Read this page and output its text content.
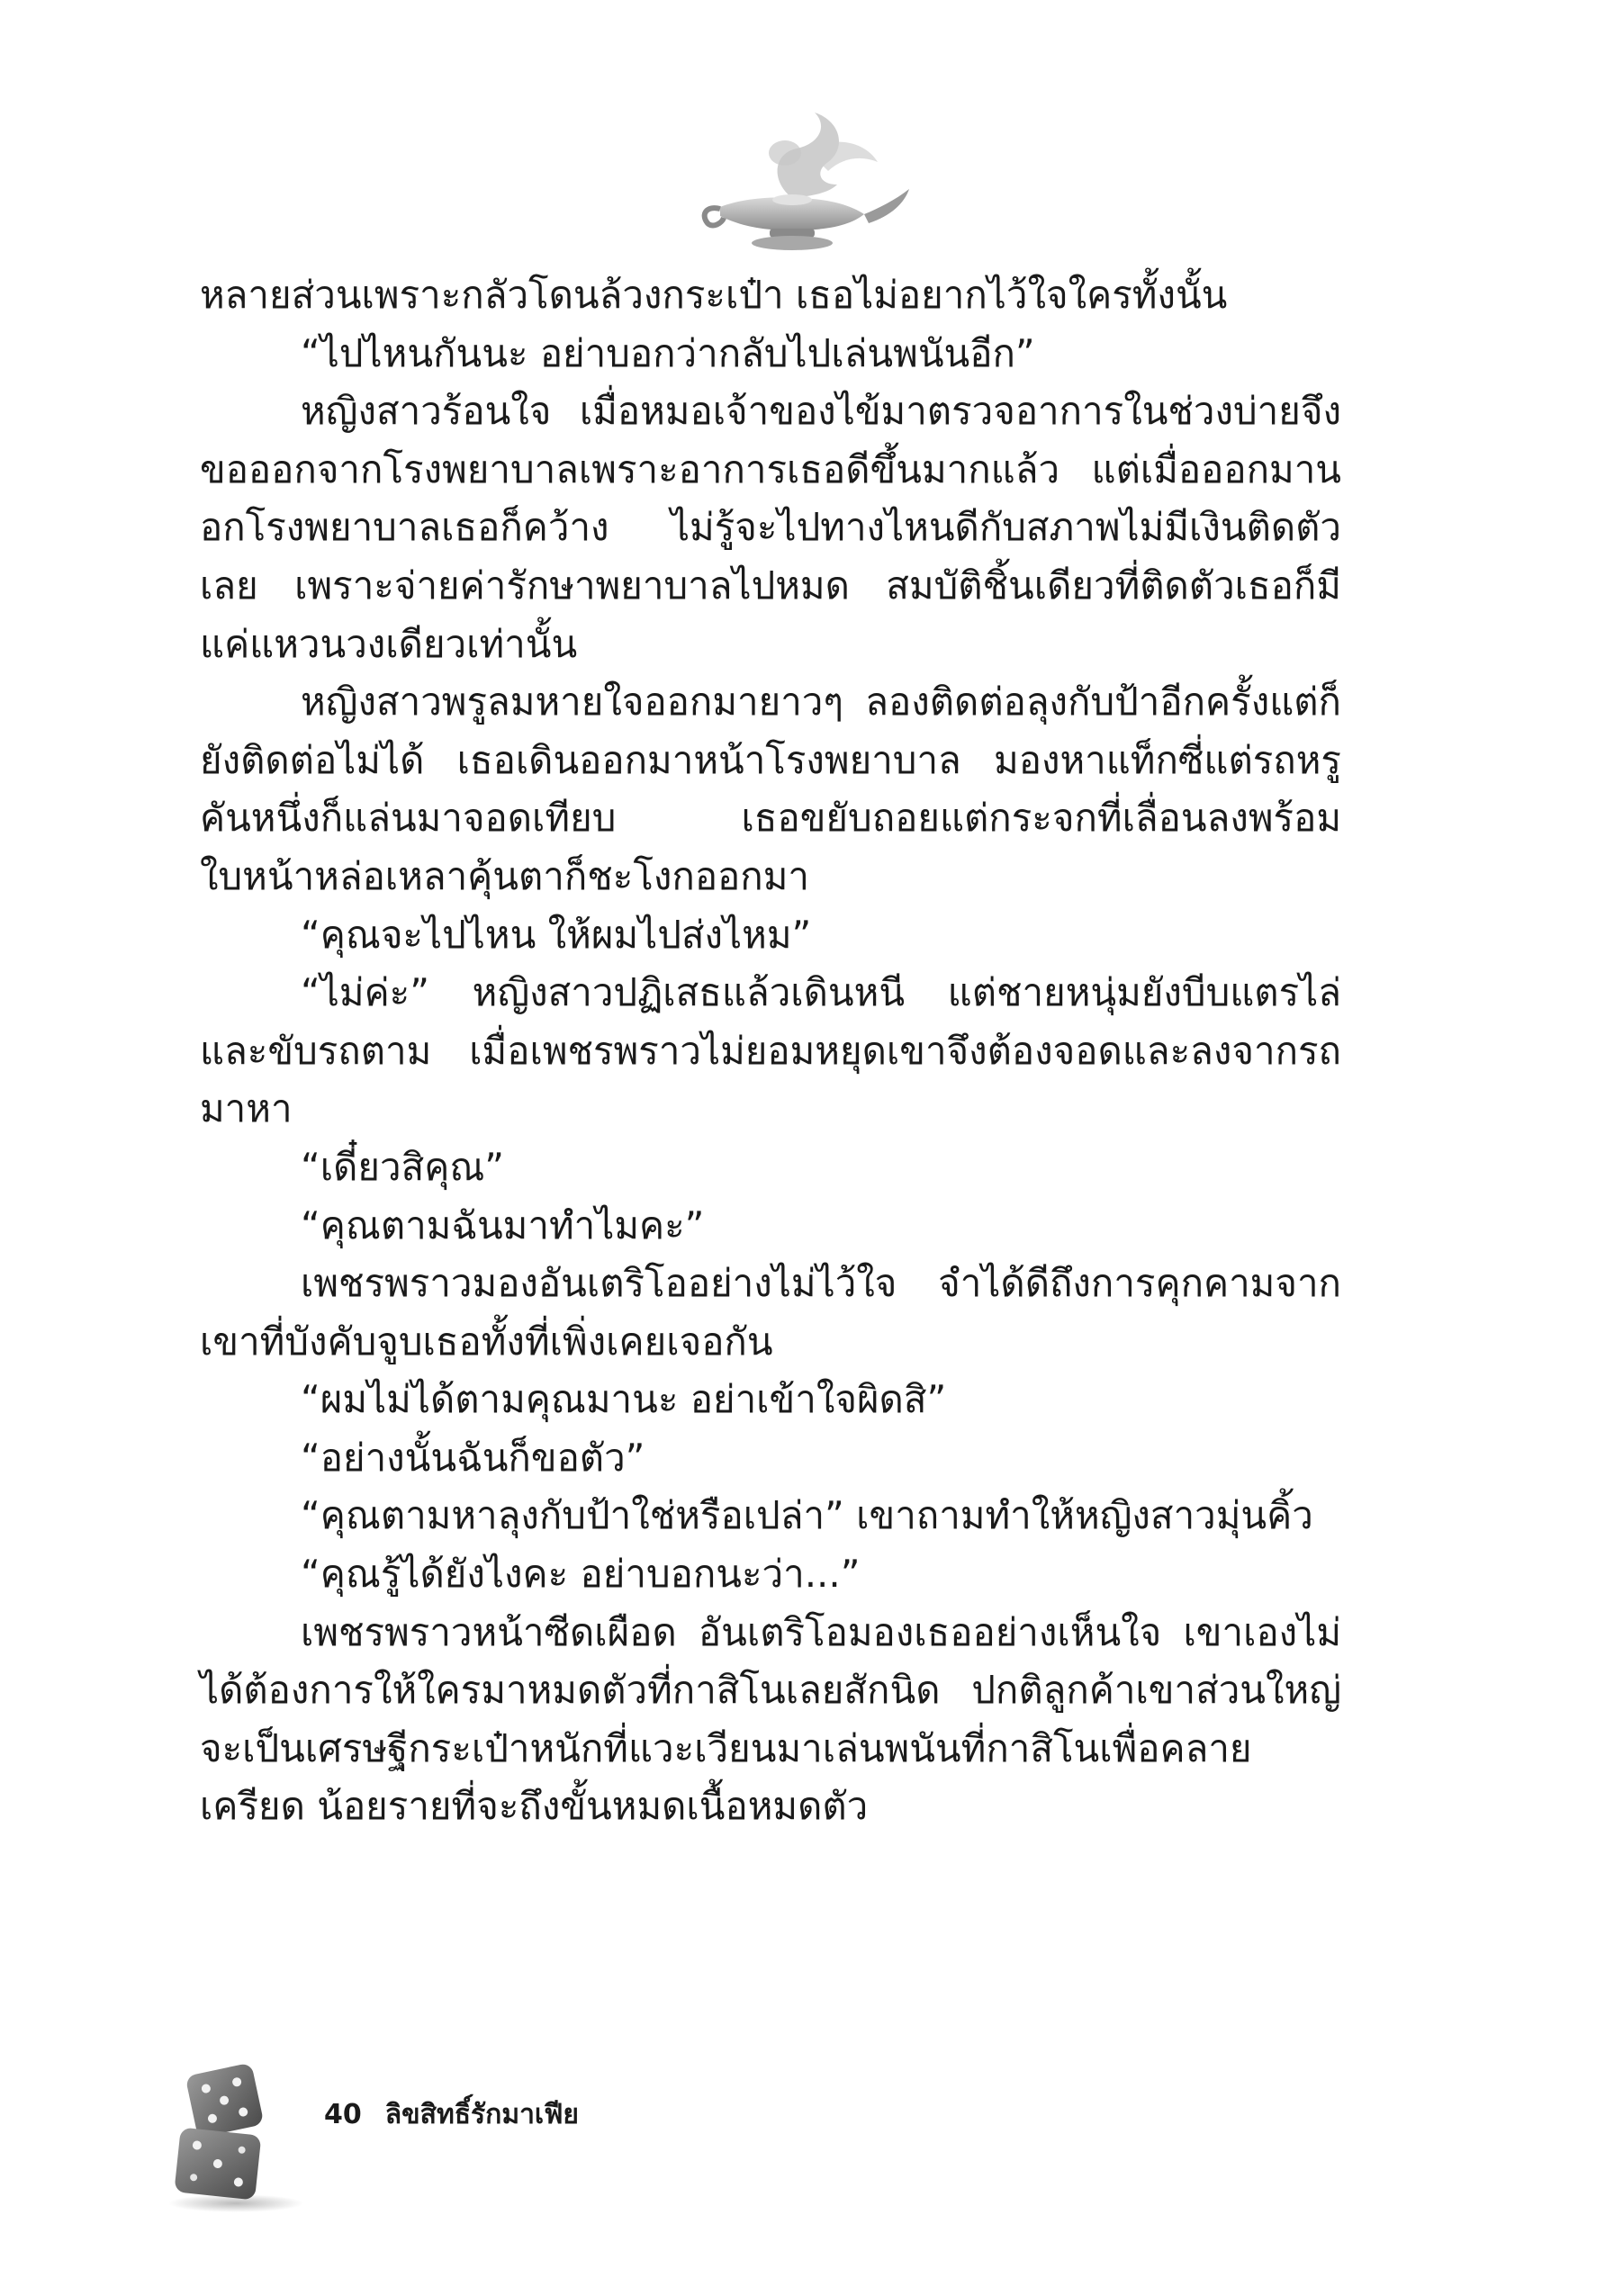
หลายส่วนเพราะกลัวโดนล้วงกระเป๋า เธอไม่อยากไว้ใจใครทั้งนั้น

“ไปไหนกันนะ อย่าบอกว่ากลับไปเล่นพนันอีก”

หญิงสาวร้อนใจ เมื่อหมอเจ้าของไข้มาตรวจอาการในช่วงบ่ายจึงขอออกจากโรงพยาบาลเพราะอาการเธอดีขึ้นมากแล้ว แต่เมื่อออกมานอกโรงพยาบาลเธอก็คว้าง ไม่รู้จะไปทางไหนดีกับสภาพไม่มีเงินติดตัวเลย เพราะจ่ายค่ารักษาพยาบาลไปหมด สมบัติชิ้นเดียวที่ติดตัวเธอก็มีแค่แหวนวงเดียวเท่านั้น

หญิงสาวพรูลมหายใจออกมายาวๆ ลองติดต่อลุงกับป้าอีกครั้งแต่ก็ยังติดต่อไม่ได้ เธอเดินออกมาหน้าโรงพยาบาล มองหาแท็กซี่แต่รถหรูคันหนึ่งก็แล่นมาจอดเทียบ เธอขยับถอยแต่กระจกที่เลื่อนลงพร้อมใบหน้าหล่อเหลาคุ้นตาก็ชะโงกออกมา

“คุณจะไปไหน ให้ผมไปส่งไหม”

“ไม่ค่ะ” หญิงสาวปฏิเสธแล้วเดินหนี แต่ชายหนุ่มยังบีบแตรไล่และขับรถตาม เมื่อเพชรพราวไม่ยอมหยุดเขาจึงต้องจอดและลงจากรถมาหา

“เดี๋ยวสิคุณ”

“คุณตามฉันมาทำไมคะ”

เพชรพราวมองอันเตริโออย่างไม่ไว้ใจ จำได้ดีถึงการคุกคามจากเขาที่บังคับจูบเธอทั้งที่เพิ่งเคยเจอกัน

“ผมไม่ได้ตามคุณมานะ อย่าเข้าใจผิดสิ”

“อย่างนั้นฉันก็ขอตัว”

“คุณตามหาลุงกับป้าใช่หรือเปล่า” เขาถามทำให้หญิงสาวมุ่นคิ้ว

“คุณรู้ได้ยังไงคะ อย่าบอกนะว่า...”

เพชรพราวหน้าซีดเผือด อันเตริโอมองเธออย่างเห็นใจ เขาเองไม่ได้ต้องการให้ใครมาหมดตัวที่กาสิโนเลยสักนิด ปกติลูกค้าเขาส่วนใหญ่จะเป็นเศรษฐีกระเป๋าหนักที่แวะเวียนมาเล่นพนันที่กาสิโนเพื่อคลายเครียด น้อยรายที่จะถึงขั้นหมดเนื้อหมดตัว

40 ลิขสิทธิ์รักมาเฟีย
